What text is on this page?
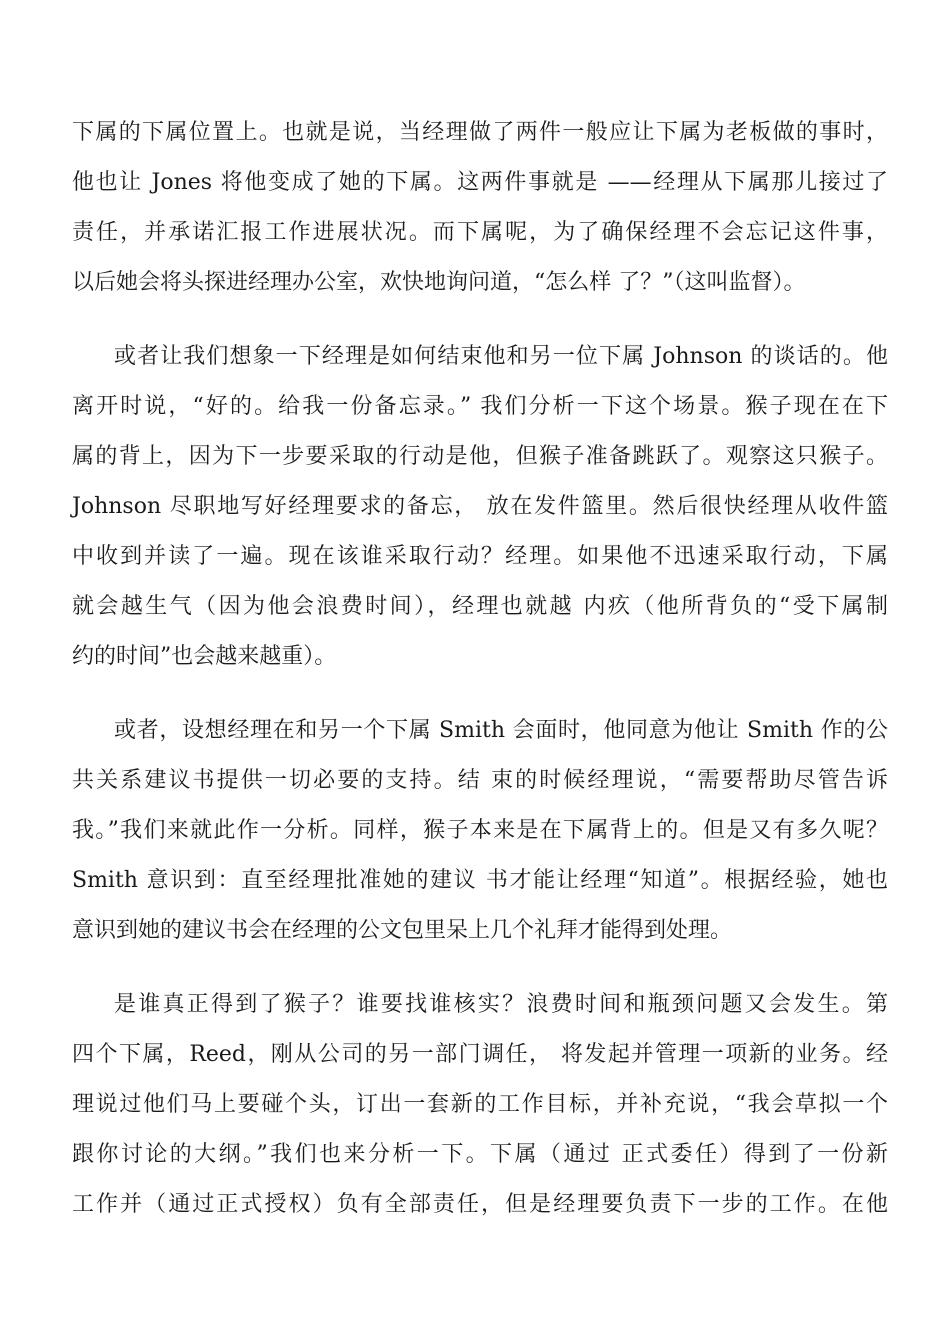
下属的下属位置上。也就是说，当经理做了两件一般应让下属为老板做的事时，
他也让 Jones 将他变成了她的下属。这两件事就是 ——经理从下属那儿接过了
责任，并承诺汇报工作进展状况。而下属呢，为了确保经理不会忘记这件事，
以后她会将头探进经理办公室，欢快地询问道，“怎么样 了？”（这叫监督）。
或者让我们想象一下经理是如何结束他和另一位下属 Johnson 的谈话的。他
离开时说，“好的。给我一份备忘录。” 我们分析一下这个场景。猴子现在在下
属的背上，因为下一步要采取的行动是他，但猴子准备跳跃了。观察这只猴子。
Johnson 尽职地写好经理要求的备忘， 放在发件篮里。然后很快经理从收件篮
中收到并读了一遍。现在该谁采取行动？经理。如果他不迅速采取行动，下属
就会越生气（因为他会浪费时间），经理也就越 内疚（他所背负的“受下属制
约的时间”也会越来越重）。
或者，设想经理在和另一个下属 Smith 会面时，他同意为他让 Smith 作的公
共关系建议书提供一切必要的支持。结 束的时候经理说，“需要帮助尽管告诉
我。”我们来就此作一分析。同样，猴子本来是在下属背上的。但是又有多久呢？
Smith 意识到：直至经理批准她的建议 书才能让经理“知道”。根据经验，她也
意识到她的建议书会在经理的公文包里呆上几个礼拜才能得到处理。
是谁真正得到了猴子？谁要找谁核实？浪费时间和瓶颈问题又会发生。第
四个下属，Reed，刚从公司的另一部门调任， 将发起并管理一项新的业务。经
理说过他们马上要碰个头，订出一套新的工作目标，并补充说，“我会草拟一个
跟你讨论的大纲。”我们也来分析一下。下属（通过 正式委任）得到了一份新
工作并（通过正式授权）负有全部责任，但是经理要负责下一步的工作。在他
